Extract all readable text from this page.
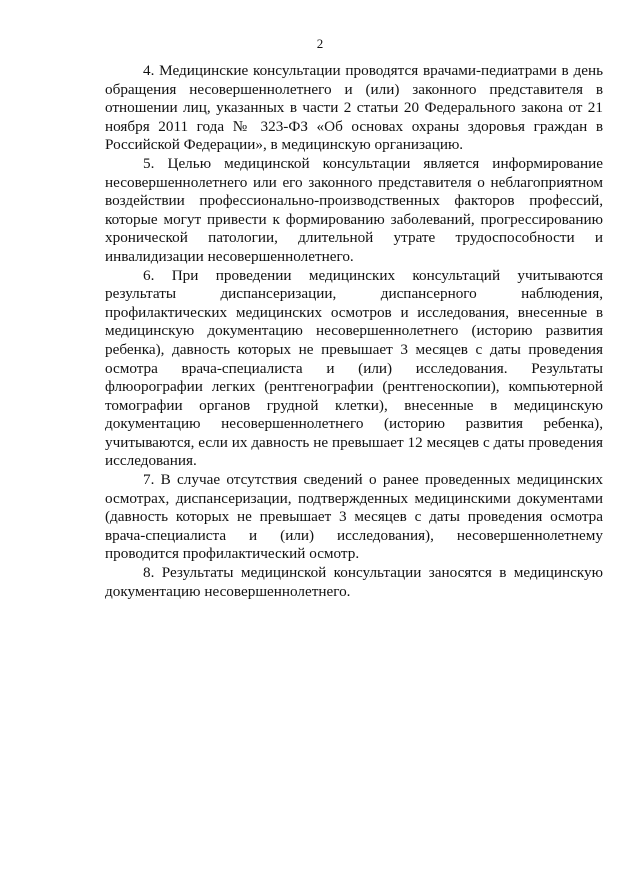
2

4. Медицинские консультации проводятся врачами-педиатрами в день обращения несовершеннолетнего и (или) законного представителя в отношении лиц, указанных в части 2 статьи 20 Федерального закона от 21 ноября 2011 года № 323-ФЗ «Об основах охраны здоровья граждан в Российской Федерации», в медицинскую организацию.

5. Целью медицинской консультации является информирование несовершеннолетнего или его законного представителя о неблагоприятном воздействии профессионально-производственных факторов профессий, которые могут привести к формированию заболеваний, прогрессированию хронической патологии, длительной утрате трудоспособности и инвалидизации несовершеннолетнего.

6. При проведении медицинских консультаций учитываются результаты диспансеризации, диспансерного наблюдения, профилактических медицинских осмотров и исследования, внесенные в медицинскую документацию несовершеннолетнего (историю развития ребенка), давность которых не превышает 3 месяцев с даты проведения осмотра врача-специалиста и (или) исследования. Результаты флюорографии легких (рентгенографии (рентгеноскопии), компьютерной томографии органов грудной клетки), внесенные в медицинскую документацию несовершеннолетнего (историю развития ребенка), учитываются, если их давность не превышает 12 месяцев с даты проведения исследования.

7. В случае отсутствия сведений о ранее проведенных медицинских осмотрах, диспансеризации, подтвержденных медицинскими документами (давность которых не превышает 3 месяцев с даты проведения осмотра врача-специалиста и (или) исследования), несовершеннолетнему проводится профилактический осмотр.

8. Результаты медицинской консультации заносятся в медицинскую документацию несовершеннолетнего.
